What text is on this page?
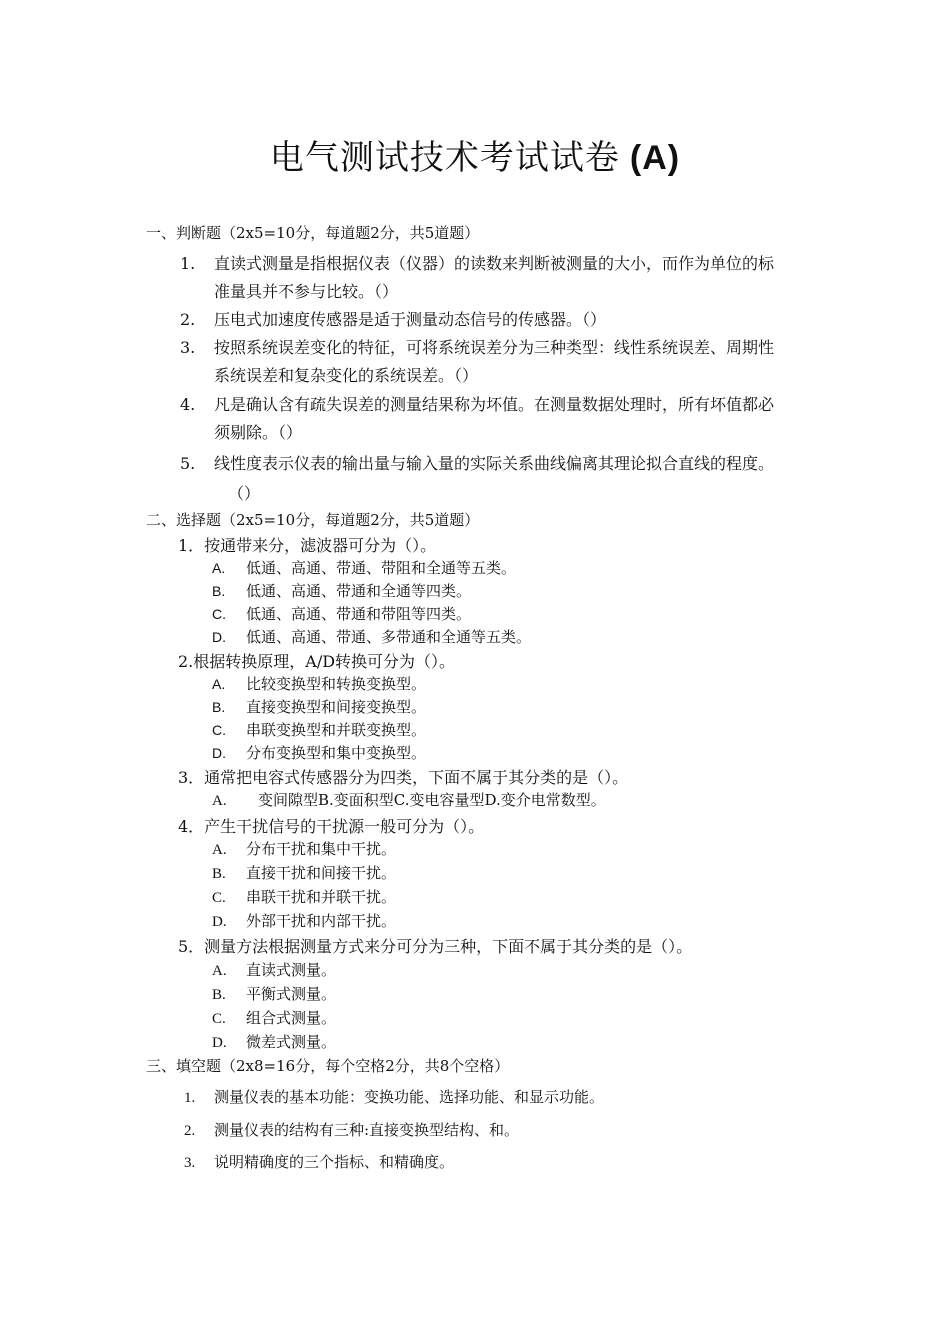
电气测试技术考试试卷 (A)
一、判断题（2x5=10分，每道题2分，共5道题）
1. 直读式测量是指根据仪表（仪器）的读数来判断被测量的大小，而作为单位的标
准量具并不参与比较。（）
2. 压电式加速度传感器是适于测量动态信号的传感器。（）
3. 按照系统误差变化的特征，可将系统误差分为三种类型：线性系统误差、周期性
系统误差和复杂变化的系统误差。（）
4. 凡是确认含有疏失误差的测量结果称为坏值。在测量数据处理时，所有坏值都必
须剔除。（）
5. 线性度表示仪表的输出量与输入量的实际关系曲线偏离其理论拟合直线的程度。
（）
二、选择题（2x5=10分，每道题2分，共5道题）
1．按通带来分，滤波器可分为（）。
A. 低通、高通、带通、带阻和全通等五类。
B. 低通、高通、带通和全通等四类。
C. 低通、高通、带通和带阻等四类。
D. 低通、高通、带通、多带通和全通等五类。
2.根据转换原理，A/D转换可分为（）。
A. 比较变换型和转换变换型。
B. 直接变换型和间接变换型。
C. 串联变换型和并联变换型。
D. 分布变换型和集中变换型。
3．通常把电容式传感器分为四类，下面不属于其分类的是（）。
A. 变间隙型B.变面积型C.变电容量型D.变介电常数型。
4．产生干扰信号的干扰源一般可分为（）。
A. 分布干扰和集中干扰。
B. 直接干扰和间接干扰。
C. 串联干扰和并联干扰。
D. 外部干扰和内部干扰。
5．测量方法根据测量方式来分可分为三种，下面不属于其分类的是（）。
A. 直读式测量。
B. 平衡式测量。
C. 组合式测量。
D. 微差式测量。
三、填空题（2x8=16分，每个空格2分，共8个空格）
1. 测量仪表的基本功能：变换功能、选择功能、和显示功能。
2. 测量仪表的结构有三种:直接变换型结构、和。
3. 说明精确度的三个指标、和精确度。
